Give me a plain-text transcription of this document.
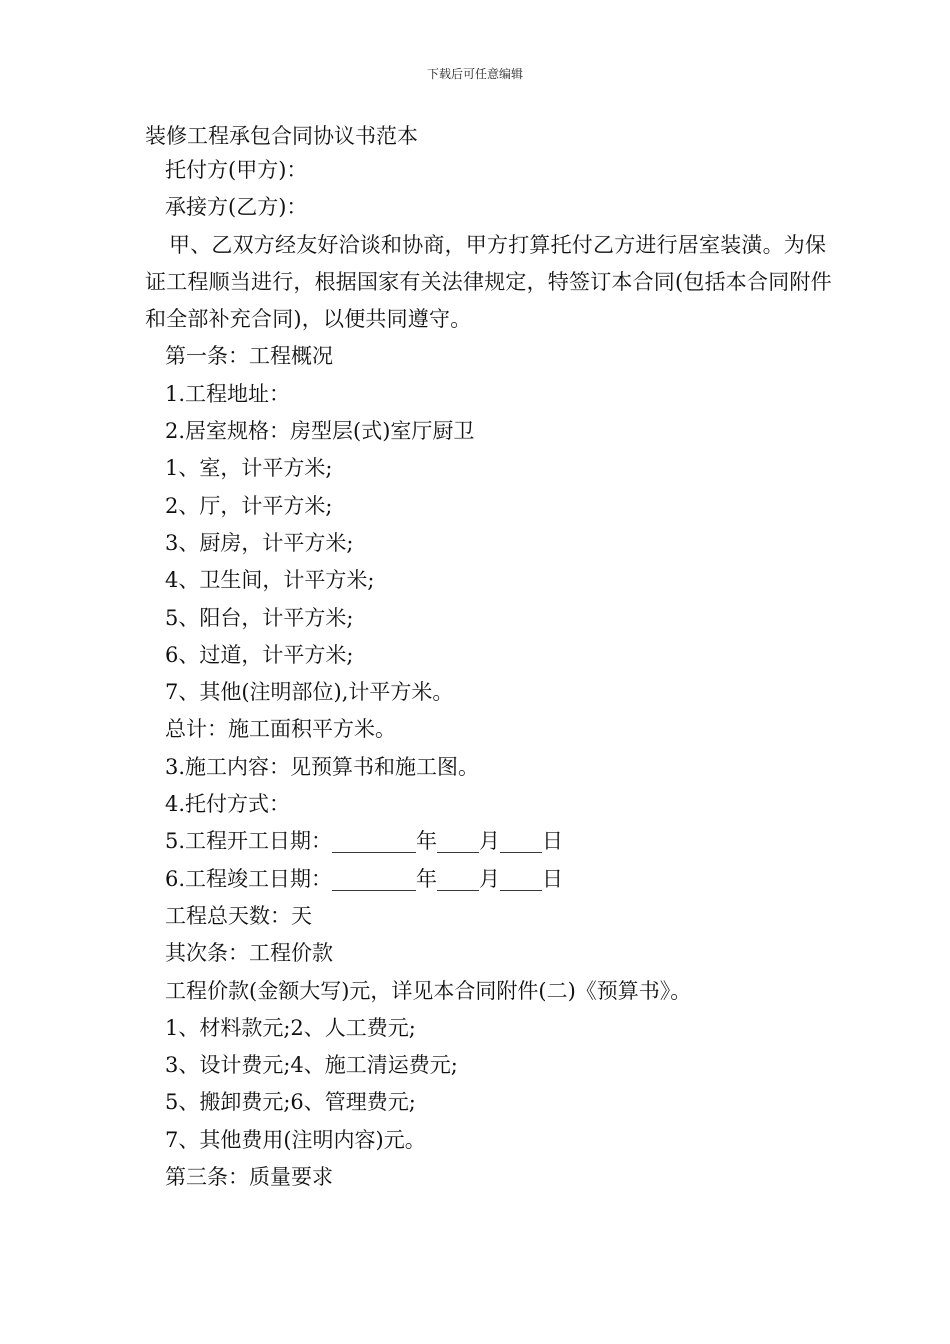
下载后可任意编辑
装修工程承包合同协议书范本

托付方(甲方)：

承接方(乙方)：

甲、乙双方经友好洽谈和协商，甲方打算托付乙方进行居室装潢。为保证工程顺当进行，根据国家有关法律规定，特签订本合同(包括本合同附件和全部补充合同)，以便共同遵守。

第一条：工程概况

1.工程地址：

2.居室规格：房型层(式)室厅厨卫

1、室，计平方米;

2、厅，计平方米;

3、厨房，计平方米;

4、卫生间，计平方米;

5、阳台，计平方米;

6、过道，计平方米;

7、其他(注明部位),计平方米。

总计：施工面积平方米。

3.施工内容：见预算书和施工图。

4.托付方式：

5.工程开工日期：________年____月____日

6.工程竣工日期：________年____月____日

工程总天数：天

其次条：工程价款

工程价款(金额大写)元，详见本合同附件(二)《预算书》。

1、材料款元;2、人工费元;

3、设计费元;4、施工清运费元;

5、搬卸费元;6、管理费元;

7、其他费用(注明内容)元。

第三条：质量要求
